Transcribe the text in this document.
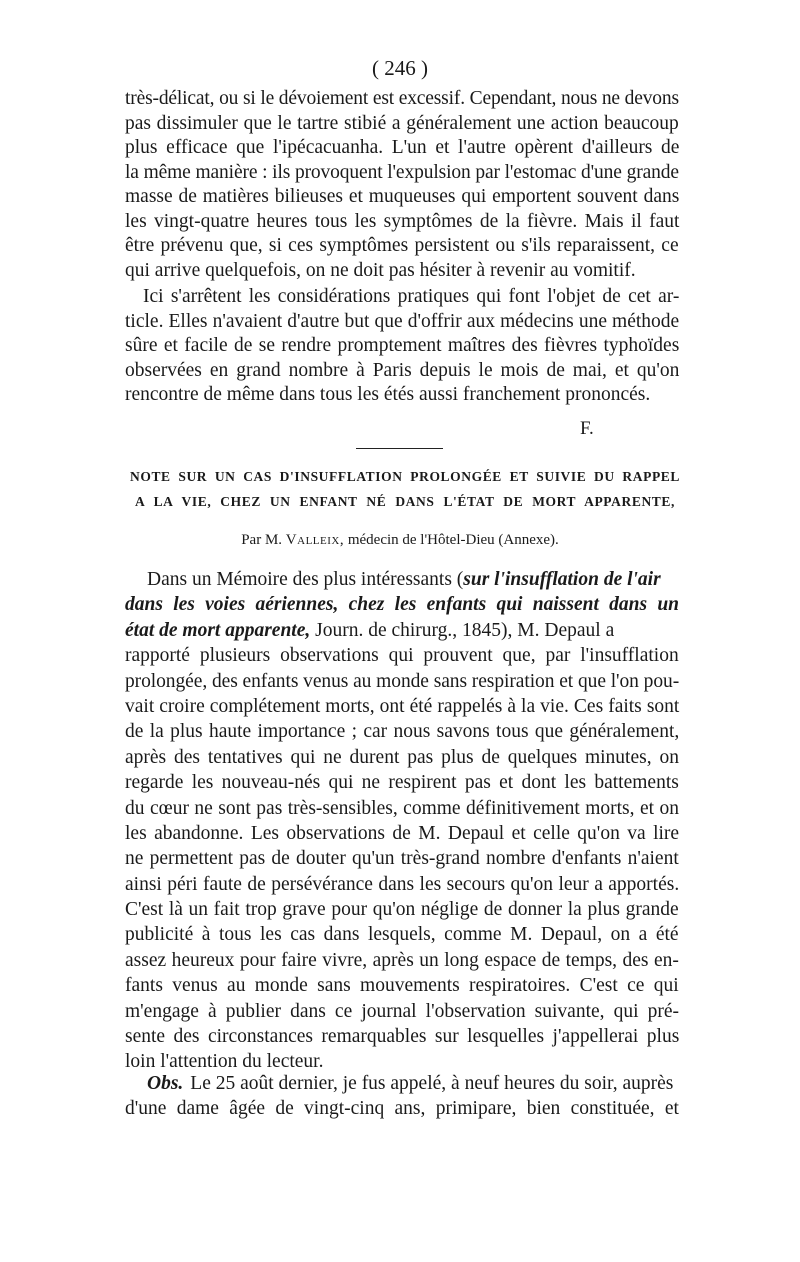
( 246 )
très-délicat, ou si le dévoiement est excessif. Cependant, nous ne devons
pas dissimuler que le tartre stibié a généralement une action beaucoup
plus efficace que l'ipécacuanha. L'un et l'autre opèrent d'ailleurs de
la même manière : ils provoquent l'expulsion par l'estomac d'une grande
masse de matières bilieuses et muqueuses qui emportent souvent dans
les vingt-quatre heures tous les symptômes de la fièvre. Mais il faut
être prévenu que, si ces symptômes persistent ou s'ils reparaissent, ce
qui arrive quelquefois, on ne doit pas hésiter à revenir au vomitif.
Ici s'arrêtent les considérations pratiques qui font l'objet de cet ar-
ticle. Elles n'avaient d'autre but que d'offrir aux médecins une méthode
sûre et facile de se rendre promptement maîtres des fièvres typhoïdes
observées en grand nombre à Paris depuis le mois de mai, et qu'on
rencontre de même dans tous les étés aussi franchement prononcés.
F.
NOTE SUR UN CAS D'INSUFFLATION PROLONGÉE ET SUIVIE DU RAPPEL
A LA VIE, CHEZ UN ENFANT NÉ DANS L'ÉTAT DE MORT APPARENTE,
Par M. Valleix, médecin de l'Hôtel-Dieu (Annexe).
Dans un Mémoire des plus intéressants ( sur l'insufflation de l'air
dans les voies aériennes, chez les enfants qui naissent dans un
état de mort apparente, Journ. de chirurg., 1845), M. Depaul a
rapporté plusieurs observations qui prouvent que, par l'insufflation
prolongée, des enfants venus au monde sans respiration et que l'on pou-
vait croire complétement morts, ont été rappelés à la vie. Ces faits sont
de la plus haute importance ; car nous savons tous que généralement,
après des tentatives qui ne durent pas plus de quelques minutes, on
regarde les nouveau-nés qui ne respirent pas et dont les battements
du cœur ne sont pas très-sensibles, comme définitivement morts, et on
les abandonne. Les observations de M. Depaul et celle qu'on va lire
ne permettent pas de douter qu'un très-grand nombre d'enfants n'aient
ainsi péri faute de persévérance dans les secours qu'on leur a apportés.
C'est là un fait trop grave pour qu'on néglige de donner la plus grande
publicité à tous les cas dans lesquels, comme M. Depaul, on a été
assez heureux pour faire vivre, après un long espace de temps, des en-
fants venus au monde sans mouvements respiratoires. C'est ce qui
m'engage à publier dans ce journal l'observation suivante, qui pré-
sente des circonstances remarquables sur lesquelles j'appellerai plus
loin l'attention du lecteur.
Obs. Le 25 août dernier, je fus appelé, à neuf heures du soir, auprès
d'une dame âgée de vingt-cinq ans, primipare, bien constituée, et
